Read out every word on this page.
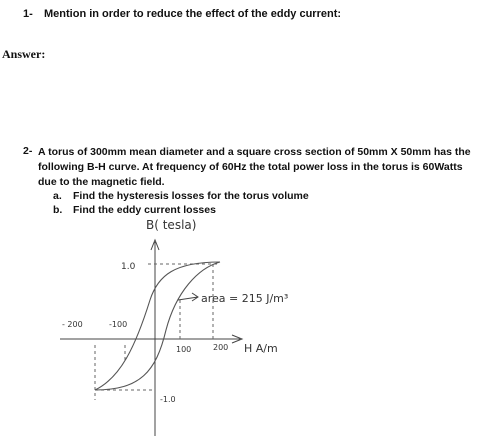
1- Mention in order to reduce the effect of the eddy current:
Answer:
2- A torus of 300mm mean diameter and a square cross section of 50mm X 50mm has the following B-H curve. At frequency of 60Hz the total power loss in the torus is 60Watts due to the magnetic field.
a. Find the hysteresis losses for the torus volume
b. Find the eddy current losses
B( tesla)
1.0
-1.0
area = 215 J/m³
- 200	-100
100	200 H A/m
